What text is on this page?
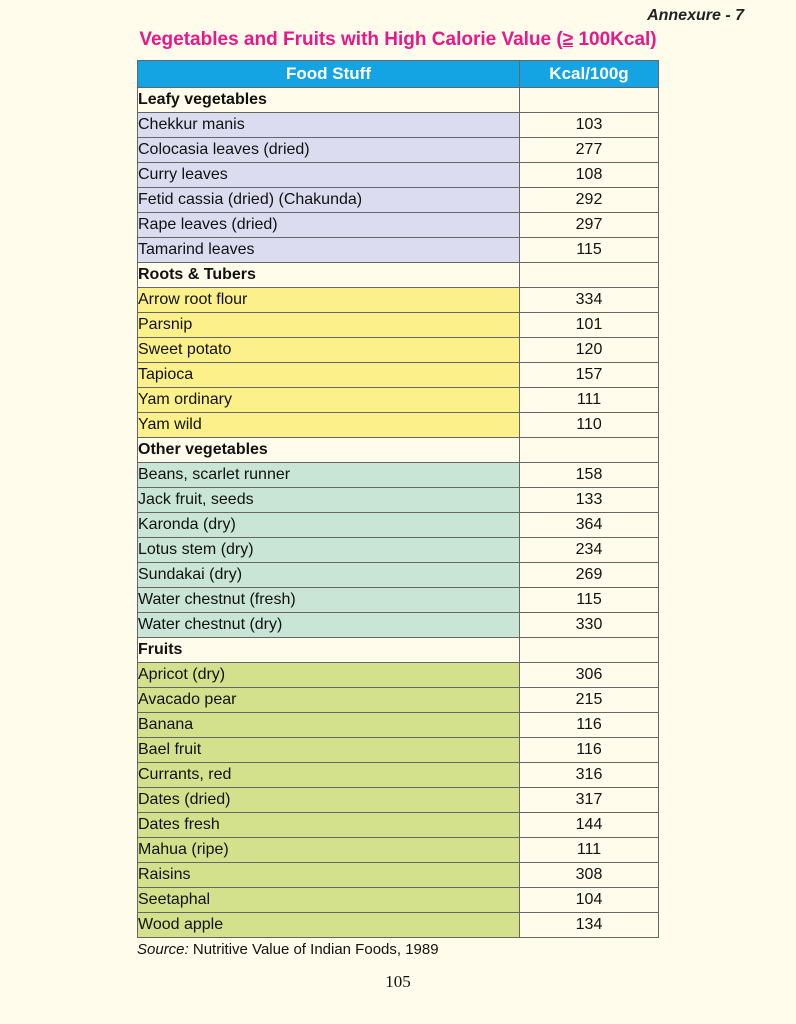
Annexure - 7
Vegetables and Fruits with High Calorie Value (≥ 100Kcal)
Food Stuff	Kcal/100g
Leafy vegetables	
Chekkur manis	103
Colocasia leaves (dried)	277
Curry leaves	108
Fetid cassia (dried) (Chakunda)	292
Rape leaves (dried)	297
Tamarind leaves	115
Roots & Tubers	
Arrow root flour	334
Parsnip	101
Sweet potato	120
Tapioca	157
Yam ordinary	111
Yam wild	110
Other vegetables	
Beans, scarlet runner	158
Jack fruit, seeds	133
Karonda (dry)	364
Lotus stem (dry)	234
Sundakai (dry)	269
Water chestnut (fresh)	115
Water chestnut (dry)	330
Fruits	
Apricot (dry)	306
Avacado pear	215
Banana	116
Bael fruit	116
Currants, red	316
Dates (dried)	317
Dates fresh	144
Mahua (ripe)	111
Raisins	308
Seetaphal	104
Wood apple	134
Source: Nutritive Value of Indian Foods, 1989
105
